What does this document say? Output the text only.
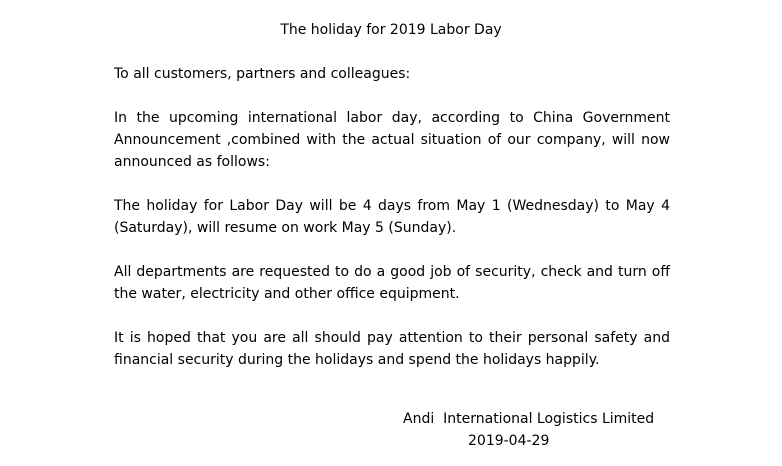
The holiday for 2019 Labor Day

To all customers, partners and colleagues:

In the upcoming international labor day, according to China Government Announcement ,combined with the actual situation of our company, will now announced as follows:

The holiday for Labor Day will be 4 days from May 1 (Wednesday) to May 4 (Saturday), will resume on work May 5 (Sunday).

All departments are requested to do a good job of security, check and turn off the water, electricity and other office equipment.

It is hoped that you are all should pay attention to their personal safety and financial security during the holidays and spend the holidays happily.

Andi  International Logistics Limited
2019-04-29
